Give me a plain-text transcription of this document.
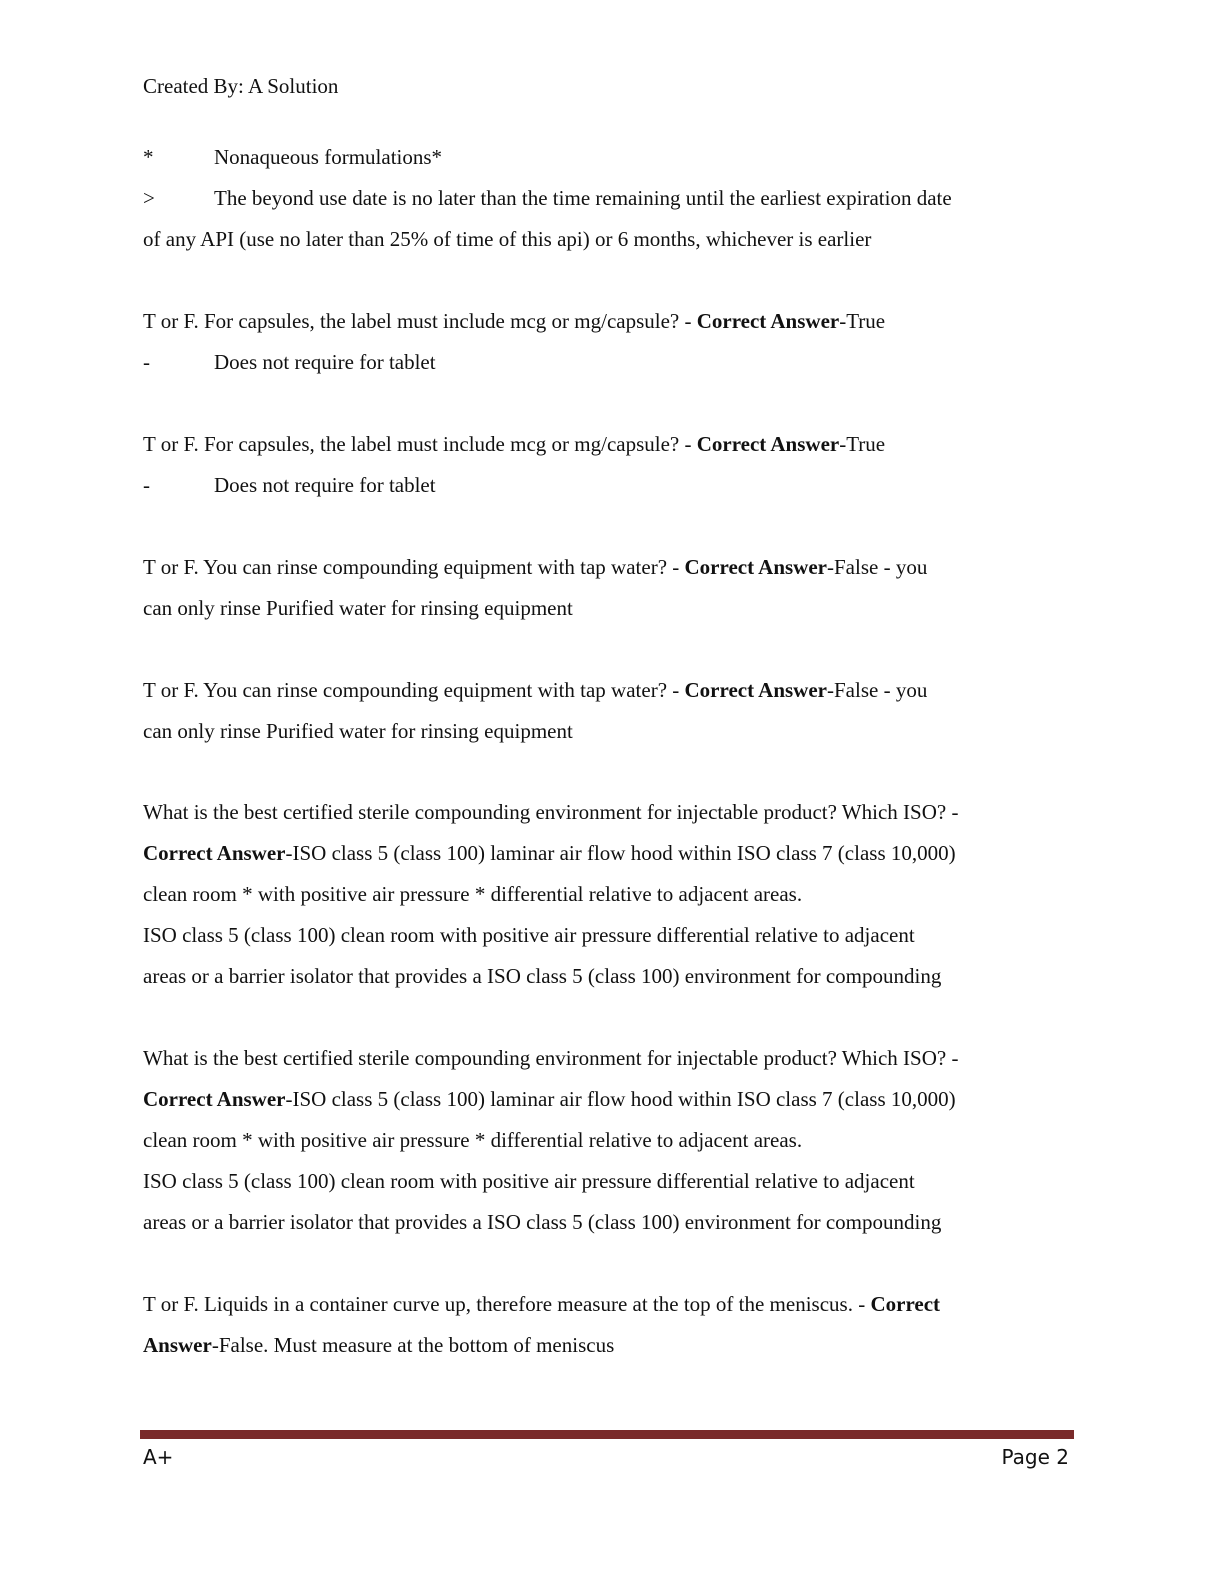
Created By: A Solution
*	Nonaqueous formulations*
>	The beyond use date is no later than the time remaining until the earliest expiration date
of any API (use no later than 25% of time of this api) or 6 months, whichever is earlier
T or F. For capsules, the label must include mcg or mg/capsule? - Correct Answer-True
-	Does not require for tablet
T or F. For capsules, the label must include mcg or mg/capsule? - Correct Answer-True
-	Does not require for tablet
T or F. You can rinse compounding equipment with tap water? - Correct Answer-False - you
can only rinse Purified water for rinsing equipment
T or F. You can rinse compounding equipment with tap water? - Correct Answer-False - you
can only rinse Purified water for rinsing equipment
What is the best certified sterile compounding environment for injectable product? Which ISO? -
Correct Answer-ISO class 5 (class 100) laminar air flow hood within ISO class 7 (class 10,000)
clean room * with positive air pressure * differential relative to adjacent areas.
ISO class 5 (class 100) clean room with positive air pressure differential relative to adjacent
areas or a barrier isolator that provides a ISO class 5 (class 100) environment for compounding
What is the best certified sterile compounding environment for injectable product? Which ISO? -
Correct Answer-ISO class 5 (class 100) laminar air flow hood within ISO class 7 (class 10,000)
clean room * with positive air pressure * differential relative to adjacent areas.
ISO class 5 (class 100) clean room with positive air pressure differential relative to adjacent
areas or a barrier isolator that provides a ISO class 5 (class 100) environment for compounding
T or F. Liquids in a container curve up, therefore measure at the top of the meniscus. - Correct
Answer-False. Must measure at the bottom of meniscus
A+	Page 2
